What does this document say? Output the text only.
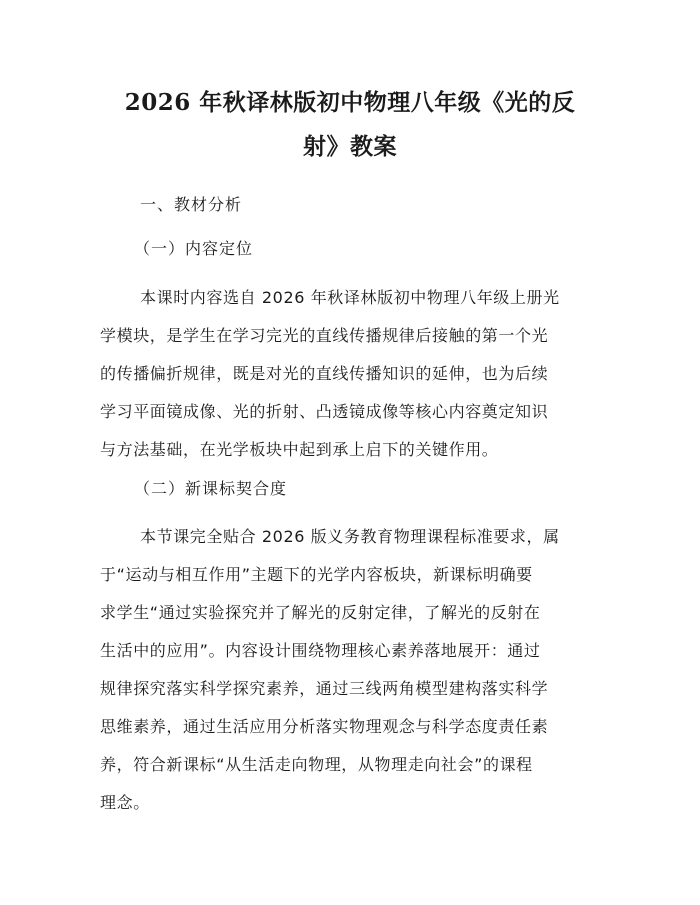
2026 年秋译林版初中物理八年级《光的反
射》教案

一、教材分析

（一）内容定位

本课时内容选自 2026 年秋译林版初中物理八年级上册光

学模块，是学生在学习完光的直线传播规律后接触的第一个光

的传播偏折规律，既是对光的直线传播知识的延伸，也为后续

学习平面镜成像、光的折射、凸透镜成像等核心内容奠定知识

与方法基础，在光学板块中起到承上启下的关键作用。

（二）新课标契合度

本节课完全贴合 2026 版义务教育物理课程标准要求，属

于“运动与相互作用”主题下的光学内容板块，新课标明确要

求学生“通过实验探究并了解光的反射定律，了解光的反射在

生活中的应用”。内容设计围绕物理核心素养落地展开：通过

规律探究落实科学探究素养，通过三线两角模型建构落实科学

思维素养，通过生活应用分析落实物理观念与科学态度责任素

养，符合新课标“从生活走向物理，从物理走向社会”的课程

理念。
